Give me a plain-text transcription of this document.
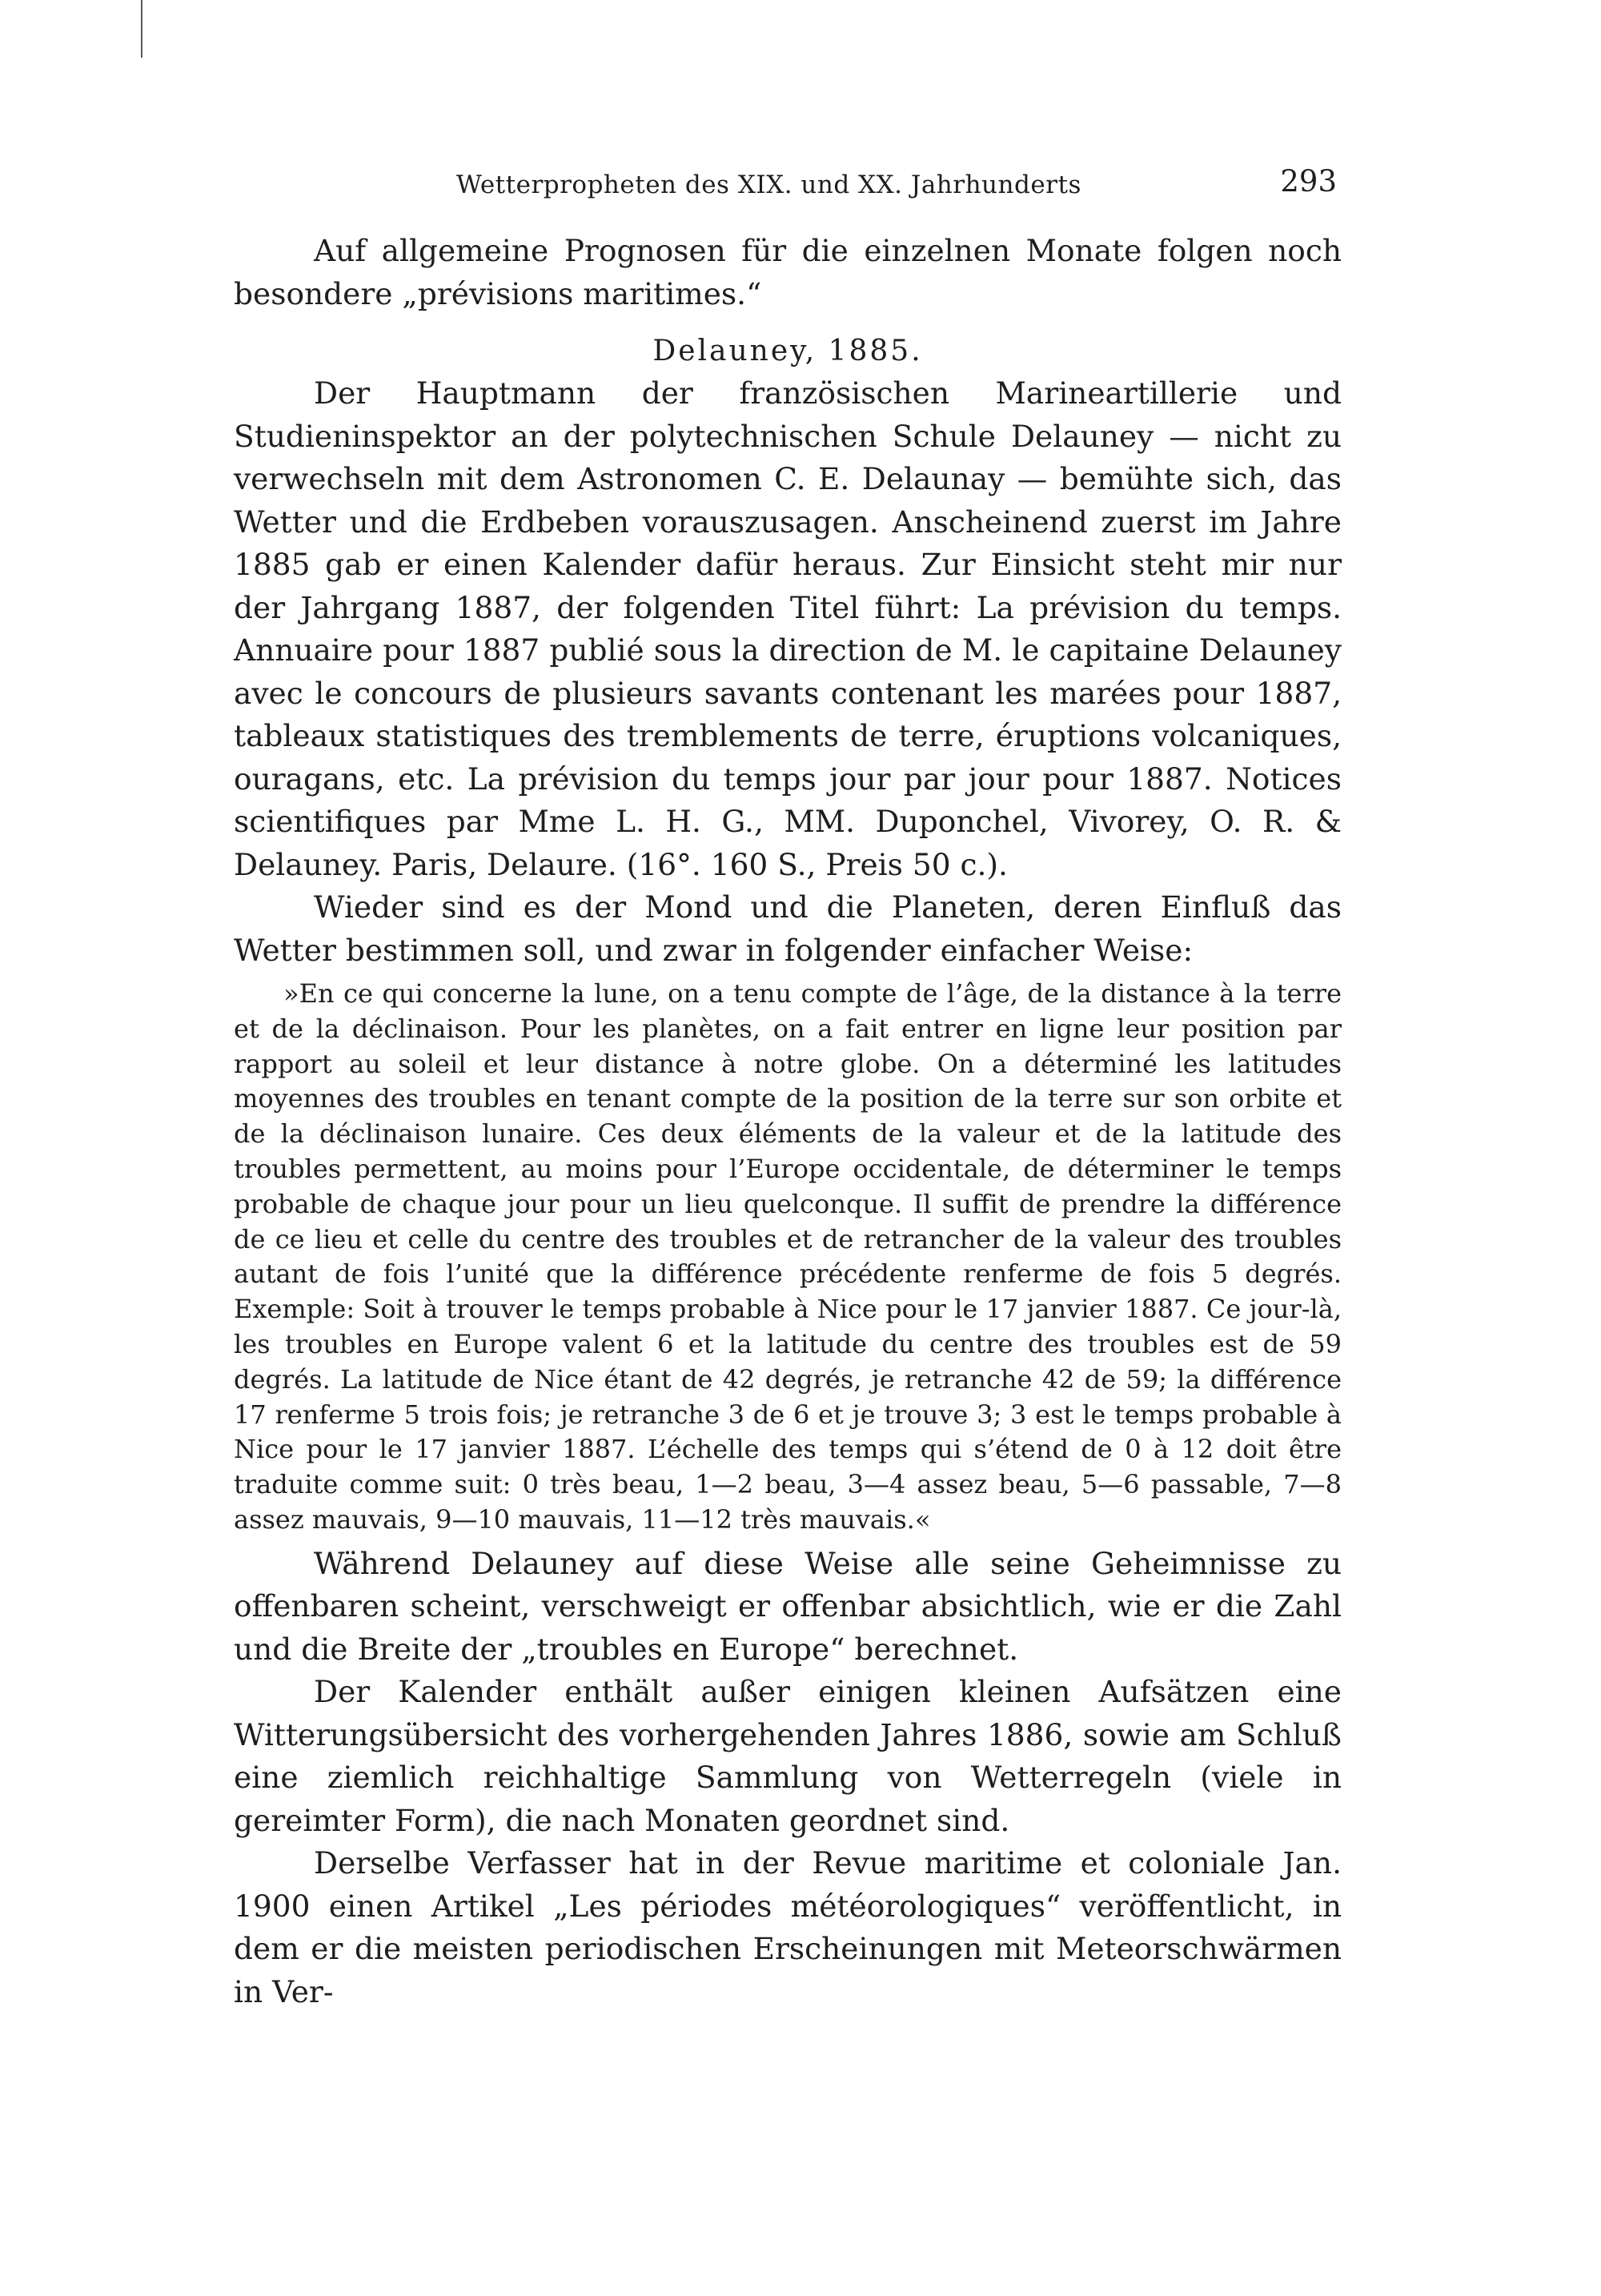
Wetterpropheten des XIX. und XX. Jahrhunderts	293

Auf allgemeine Prognosen für die einzelnen Monate folgen noch besondere „prévisions maritimes.“

Delauney, 1885.

Der Hauptmann der französischen Marineartillerie und Studieninspektor an der polytechnischen Schule Delauney — nicht zu verwechseln mit dem Astronomen C. E. Delaunay — bemühte sich, das Wetter und die Erdbeben vorauszusagen. Anscheinend zuerst im Jahre 1885 gab er einen Kalender dafür heraus. Zur Einsicht steht mir nur der Jahrgang 1887, der folgenden Titel führt: La prévision du temps. Annuaire pour 1887 publié sous la direction de M. le capitaine Delauney avec le concours de plusieurs savants contenant les marées pour 1887, tableaux statistiques des tremblements de terre, éruptions volcaniques, ouragans, etc. La prévision du temps jour par jour pour 1887. Notices scientifiques par Mme L. H. G., MM. Duponchel, Vivorey, O. R. & Delauney. Paris, Delaure. (16°. 160 S., Preis 50 c.).

Wieder sind es der Mond und die Planeten, deren Einfluß das Wetter bestimmen soll, und zwar in folgender einfacher Weise:

»En ce qui concerne la lune, on a tenu compte de l’âge, de la distance à la terre et de la déclinaison. Pour les planètes, on a fait entrer en ligne leur position par rapport au soleil et leur distance à notre globe. On a déterminé les latitudes moyennes des troubles en tenant compte de la position de la terre sur son orbite et de la déclinaison lunaire. Ces deux éléments de la valeur et de la latitude des troubles permettent, au moins pour l’Europe occidentale, de déterminer le temps probable de chaque jour pour un lieu quelconque. Il suffit de prendre la différence de ce lieu et celle du centre des troubles et de retrancher de la valeur des troubles autant de fois l’unité que la différence précédente renferme de fois 5 degrés. Exemple: Soit à trouver le temps probable à Nice pour le 17 janvier 1887. Ce jour-là, les troubles en Europe valent 6 et la latitude du centre des troubles est de 59 degrés. La latitude de Nice étant de 42 degrés, je retranche 42 de 59; la différence 17 renferme 5 trois fois; je retranche 3 de 6 et je trouve 3; 3 est le temps probable à Nice pour le 17 janvier 1887. L’échelle des temps qui s’étend de 0 à 12 doit être traduite comme suit: 0 très beau, 1—2 beau, 3—4 assez beau, 5—6 passable, 7—8 assez mauvais, 9—10 mauvais, 11—12 très mauvais.«

Während Delauney auf diese Weise alle seine Geheimnisse zu offenbaren scheint, verschweigt er offenbar absichtlich, wie er die Zahl und die Breite der „troubles en Europe“ berechnet.

Der Kalender enthält außer einigen kleinen Aufsätzen eine Witterungsübersicht des vorhergehenden Jahres 1886, sowie am Schluß eine ziemlich reichhaltige Sammlung von Wetterregeln (viele in gereimter Form), die nach Monaten geordnet sind.

Derselbe Verfasser hat in der Revue maritime et coloniale Jan. 1900 einen Artikel „Les périodes météorologiques“ veröffentlicht, in dem er die meisten periodischen Erscheinungen mit Meteorschwärmen in Ver-
